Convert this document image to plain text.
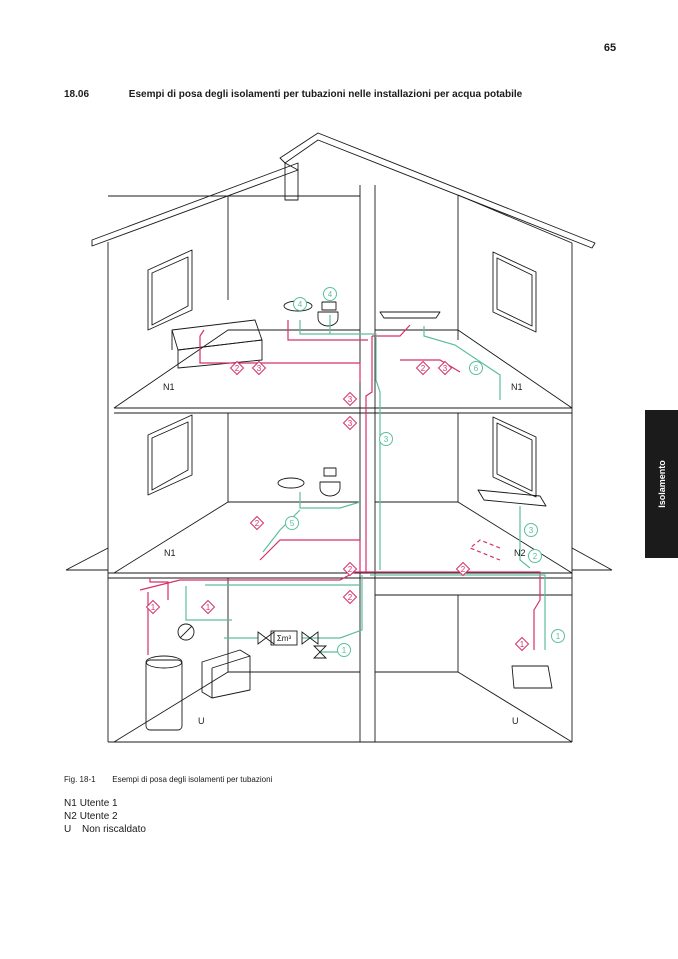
65
18.06	Esempi di posa degli isolamenti per tubazioni nelle installazioni per acqua potabile
Isolamento
Σm³
N1	N1
N1	N2
U	U
2 3	2 3
3
3
2
2	2
2
1	1
1
4
4
6
3
5
3
2
1
1
Fig. 18-1 Esempi di posa degli isolamenti per tubazioni
N1 Utente 1
N2 Utente 2
U Non riscaldato
